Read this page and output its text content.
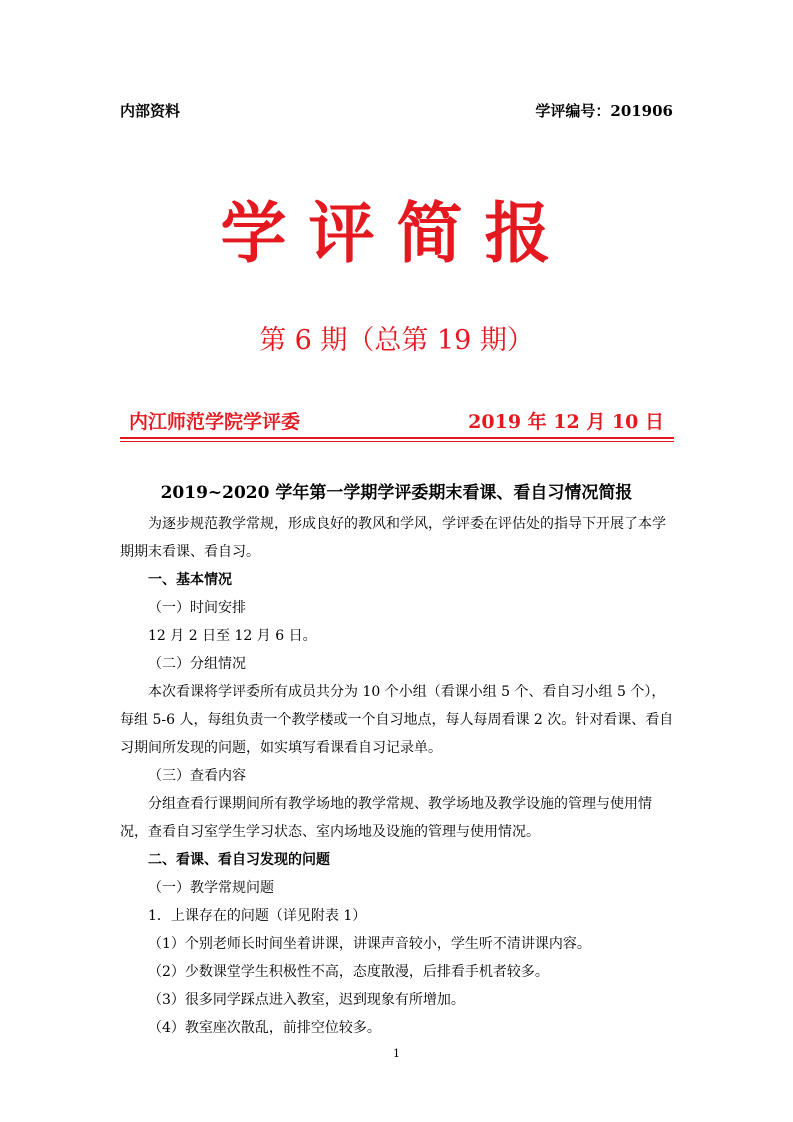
内部资料	学评编号：201906
学评简报
第 6 期（总第 19 期）
内江师范学院学评委	2019 年 12 月 10 日
2019~2020 学年第一学期学评委期末看课、看自习情况简报

为逐步规范教学常规，形成良好的教风和学风，学评委在评估处的指导下开展了本学期期末看课、看自习。

一、基本情况

（一）时间安排

12 月 2 日至 12 月 6 日。

（二）分组情况

本次看课将学评委所有成员共分为 10 个小组（看课小组 5 个、看自习小组 5 个），每组 5-6 人，每组负责一个教学楼或一个自习地点，每人每周看课 2 次。针对看课、看自习期间所发现的问题，如实填写看课看自习记录单。

（三）查看内容

分组查看行课期间所有教学场地的教学常规、教学场地及教学设施的管理与使用情况，查看自习室学生学习状态、室内场地及设施的管理与使用情况。

二、看课、看自习发现的问题

（一）教学常规问题

1．上课存在的问题（详见附表 1）

（1）个别老师长时间坐着讲课，讲课声音较小，学生听不清讲课内容。

（2）少数课堂学生积极性不高，态度散漫，后排看手机者较多。

（3）很多同学踩点进入教室，迟到现象有所增加。

（4）教室座次散乱，前排空位较多。

1
